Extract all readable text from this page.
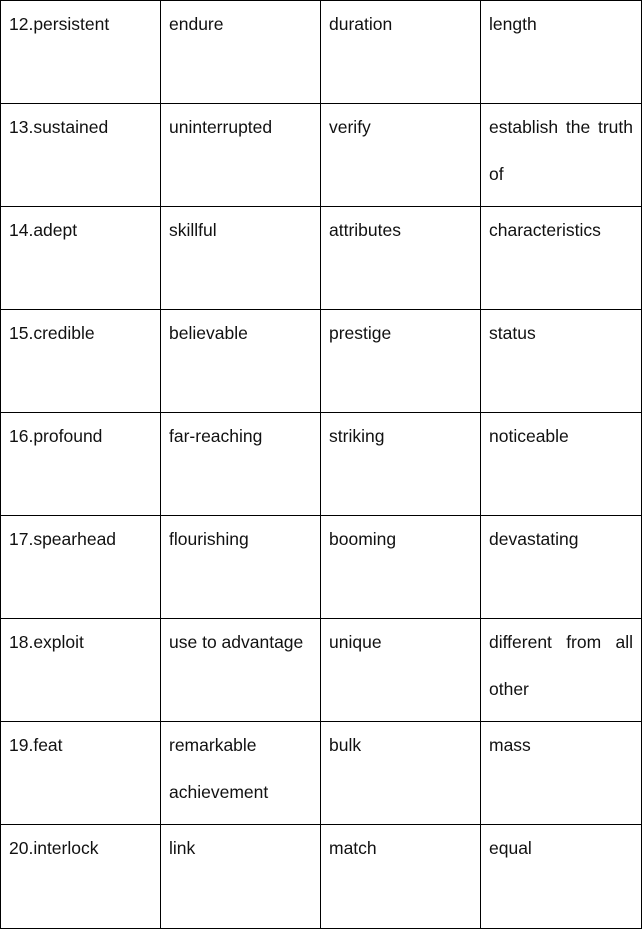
12.persistent	endure	duration	length

13.sustained	uninterrupted	verify	establish the truth of

14.adept	skillful	attributes	characteristics

15.credible	believable	prestige	status

16.profound	far-reaching	striking	noticeable

17.spearhead	flourishing	booming	devastating

18.exploit	use to advantage	unique	different from all other

19.feat	remarkable achievement	bulk	mass

20.interlock	link	match	equal
